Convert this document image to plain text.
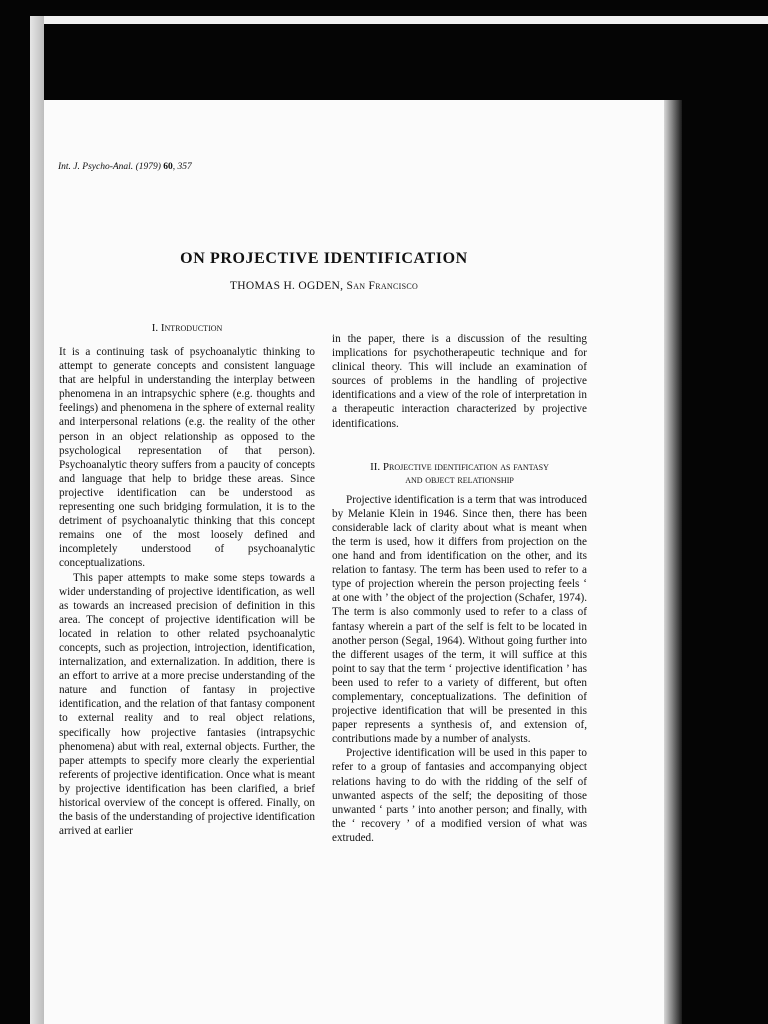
Int. J. Psycho-Anal. (1979) 60, 357
ON PROJECTIVE IDENTIFICATION
THOMAS H. OGDEN, San Francisco
I. Introduction

It is a continuing task of psychoanalytic thinking to attempt to generate concepts and consistent language that are helpful in understanding the interplay between phenomena in an intrapsychic sphere (e.g. thoughts and feelings) and phenomena in the sphere of external reality and interpersonal relations (e.g. the reality of the other person in an object relationship as opposed to the psychological representation of that person). Psychoanalytic theory suffers from a paucity of concepts and language that help to bridge these areas. Since projective identification can be understood as representing one such bridging formulation, it is to the detriment of psychoanalytic thinking that this concept remains one of the most loosely defined and incompletely understood of psychoanalytic conceptualizations.

This paper attempts to make some steps towards a wider understanding of projective identification, as well as towards an increased precision of definition in this area. The concept of projective identification will be located in relation to other related psychoanalytic concepts, such as projection, introjection, identification, internalization, and externalization. In addition, there is an effort to arrive at a more precise understanding of the nature and function of fantasy in projective identification, and the relation of that fantasy component to external reality and to real object relations, specifically how projective fantasies (intrapsychic phenomena) abut with real, external objects. Further, the paper attempts to specify more clearly the experiential referents of projective identification. Once what is meant by projective identification has been clarified, a brief historical overview of the concept is offered. Finally, on the basis of the understanding of projective identification arrived at earlier

in the paper, there is a discussion of the resulting implications for psychotherapeutic technique and for clinical theory. This will include an examination of sources of problems in the handling of projective identifications and a view of the role of interpretation in a therapeutic interaction characterized by projective identifications.

II. Projective identification as fantasy
and object relationship

Projective identification is a term that was introduced by Melanie Klein in 1946. Since then, there has been considerable lack of clarity about what is meant when the term is used, how it differs from projection on the one hand and from identification on the other, and its relation to fantasy. The term has been used to refer to a type of projection wherein the person projecting feels ‘ at one with ’ the object of the projection (Schafer, 1974). The term is also commonly used to refer to a class of fantasy wherein a part of the self is felt to be located in another person (Segal, 1964). Without going further into the different usages of the term, it will suffice at this point to say that the term ‘ projective identification ’ has been used to refer to a variety of different, but often complementary, conceptualizations. The definition of projective identification that will be presented in this paper represents a synthesis of, and extension of, contributions made by a number of analysts.

Projective identification will be used in this paper to refer to a group of fantasies and accompanying object relations having to do with the ridding of the self of unwanted aspects of the self; the depositing of those unwanted ‘ parts ’ into another person; and finally, with the ‘ recovery ’ of a modified version of what was extruded.
